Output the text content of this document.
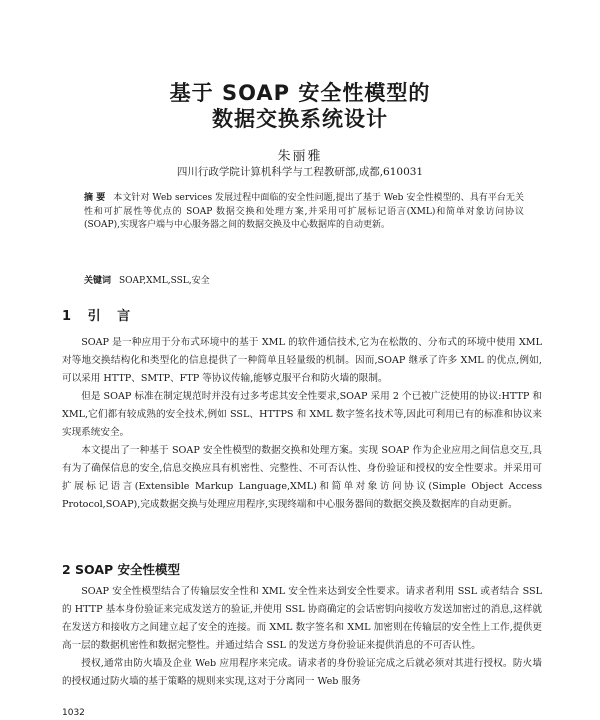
基于 SOAP 安全性模型的
数据交换系统设计
朱丽雅
四川行政学院计算机科学与工程教研部,成都,610031
摘 要 本文针对 Web services 发展过程中面临的安全性问题,提出了基于 Web 安全性模型的、具有平台无关性和可扩展性等优点的 SOAP 数据交换和处理方案,并采用可扩展标记语言(XML)和简单对象访问协议(SOAP),实现客户端与中心服务器之间的数据交换及中心数据库的自动更新。
关键词 SOAP,XML,SSL,安全
1 引 言

SOAP 是一种应用于分布式环境中的基于 XML 的软件通信技术,它为在松散的、分布式的环境中使用 XML 对等地交换结构化和类型化的信息提供了一种简单且轻量级的机制。因而,SOAP 继承了许多 XML 的优点,例如,可以采用 HTTP、SMTP、FTP 等协议传输,能够克服平台和防火墙的限制。

但是 SOAP 标准在制定规范时并没有过多考虑其安全性要求,SOAP 采用 2 个已被广泛使用的协议:HTTP 和 XML,它们都有较成熟的安全技术,例如 SSL、HTTPS 和 XML 数字签名技术等,因此可利用已有的标准和协议来实现系统安全。

本文提出了一种基于 SOAP 安全性模型的数据交换和处理方案。实现 SOAP 作为企业应用之间信息交互,具有为了确保信息的安全,信息交换应具有机密性、完整性、不可否认性、身份验证和授权的安全性要求。并采用可扩展标记语言(Extensible Markup Language,XML)和简单对象访问协议(Simple Object Access Protocol,SOAP),完成数据交换与处理应用程序,实现终端和中心服务器间的数据交换及数据库的自动更新。

2 SOAP 安全性模型

SOAP 安全性模型结合了传输层安全性和 XML 安全性来达到安全性要求。请求者利用 SSL 或者结合 SSL 的 HTTP 基本身份验证来完成发送方的验证,并使用 SSL 协商确定的会话密钥向接收方发送加密过的消息,这样就在发送方和接收方之间建立起了安全的连接。而 XML 数字签名和 XML 加密则在传输层的安全性上工作,提供更高一层的数据机密性和数据完整性。并通过结合 SSL 的发送方身份验证来提供消息的不可否认性。

授权,通常由防火墙及企业 Web 应用程序来完成。请求者的身份验证完成之后就必须对其进行授权。防火墙的授权通过防火墙的基于策略的规则来实现,这对于分离同一 Web 服务

1032
